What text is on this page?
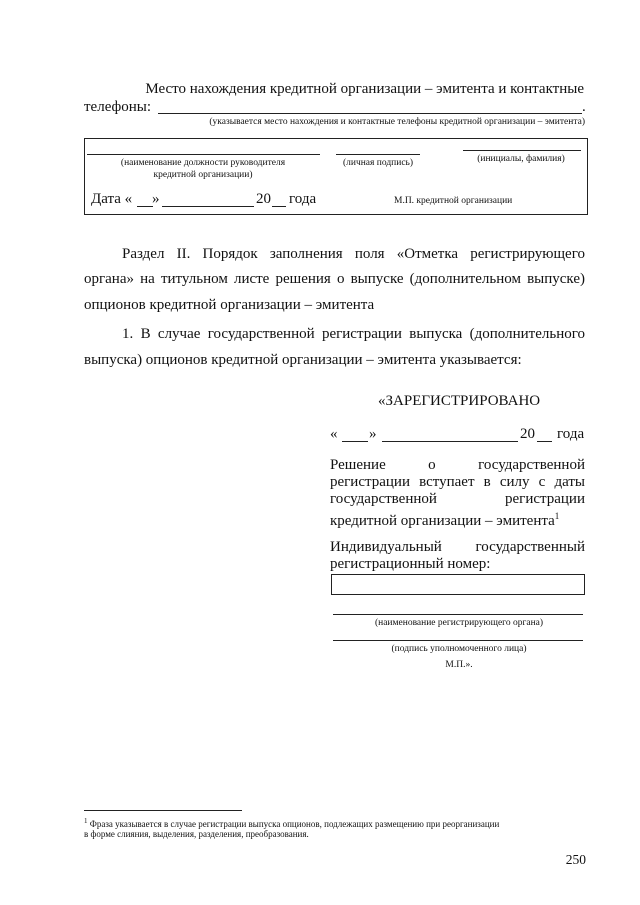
Место нахождения кредитной организации – эмитента и контактные
телефоны:	.
(указывается место нахождения и контактные телефоны кредитной организации – эмитента)
(наименование должности руководителя
кредитной организации)
(личная подпись)	(инициалы, фамилия)
Дата « »	20 года	М.П. кредитной организации
Раздел II. Порядок заполнения поля «Отметка регистрирующего
органа» на титульном листе решения о выпуске (дополнительном выпуске)
опционов кредитной организации – эмитента
1. В случае государственной регистрации выпуска (дополнительного
выпуска) опционов кредитной организации – эмитента указывается:
«ЗАРЕГИСТРИРОВАНО
« »	20 года
Решение о государственной
регистрации вступает в силу с даты
государственной регистрации
кредитной организации – эмитента$^1$
Индивидуальный государственный
регистрационный номер:
(наименование регистрирующего органа)
(подпись уполномоченного лица)
М.П.».
$^1$ Фраза указывается в случае регистрации выпуска опционов, подлежащих размещению при реорганизации
в форме слияния, выделения, разделения, преобразования.
250
